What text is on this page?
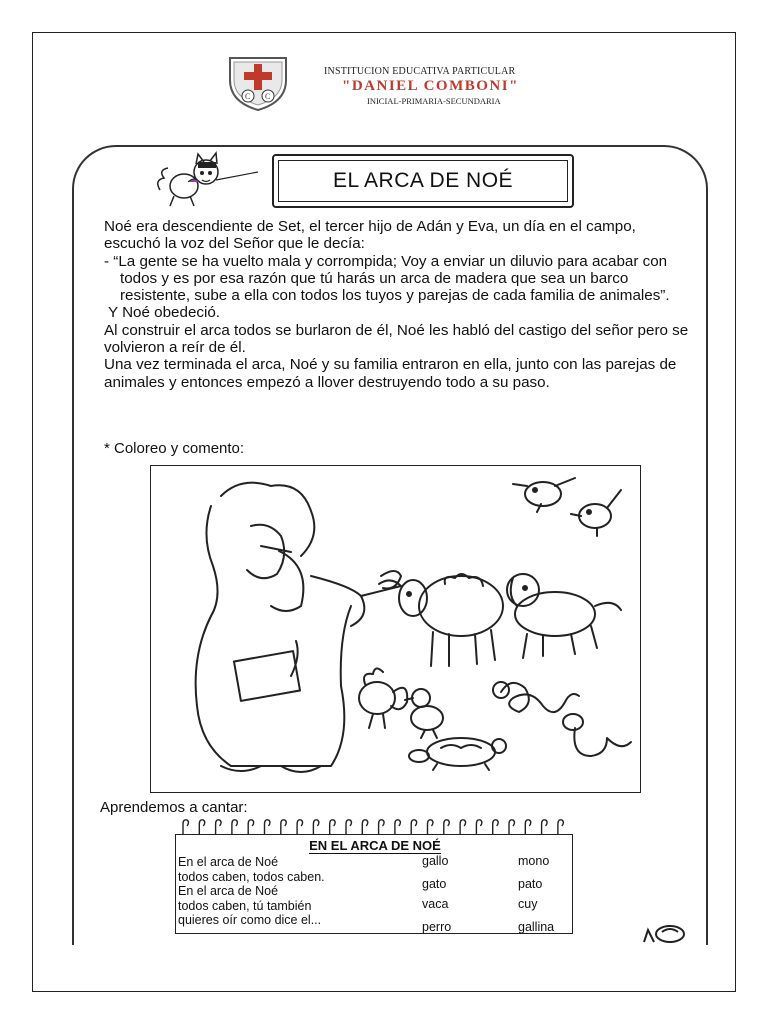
C C
INSTITUCION EDUCATIVA PARTICULAR
"DANIEL COMBONI"
INICIAL-PRIMARIA-SECUNDARIA
EL ARCA DE NOÉ

Noé era descendiente de Set, el tercer hijo de Adán y Eva, un día en el campo, escuchó la voz del Señor que le decía:

- “La gente se ha vuelto mala y corrompida; Voy a enviar un diluvio para acabar con todos y es por esa razón que tú harás un arca de madera que sea un barco resistente, sube a ella con todos los tuyos y parejas de cada familia de animales”.

Y Noé obedeció.

Al construir el arca todos se burlaron de él, Noé les habló del castigo del señor pero se volvieron a reír de él.

Una vez terminada el arca, Noé y su familia entraron en ella, junto con las parejas de animales y entonces empezó a llover destruyendo todo a su paso.

* Coloreo y comento:
Aprendemos a cantar:
EN EL ARCA DE NOÉ
En el arca de Noé
todos caben, todos caben.
En el arca de Noé
todos caben, tú también
quieres oír como dice el...
gallo
gato
vaca
perro
mono
pato
cuy
gallina
